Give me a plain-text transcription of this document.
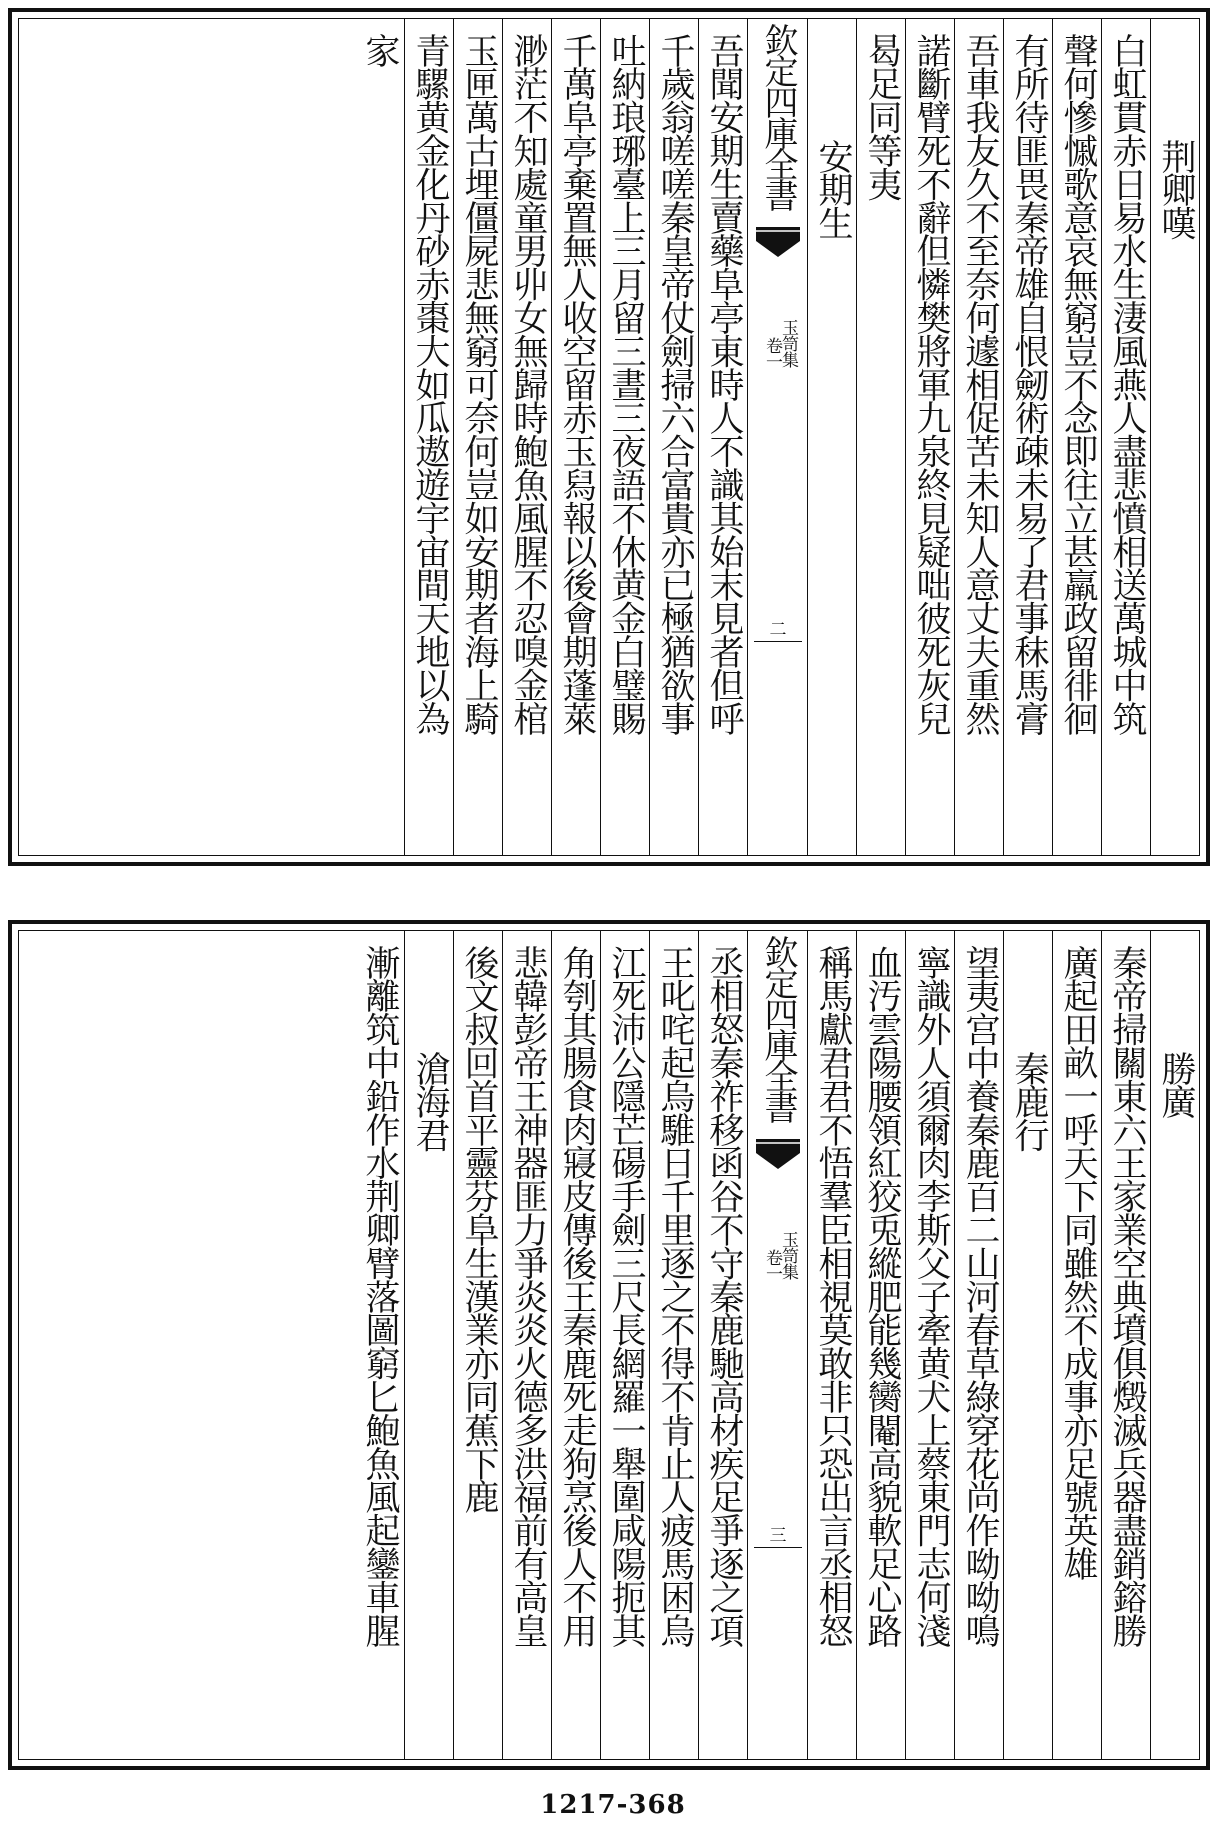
荆卿嘆
白虹貫赤日易水生淒風燕人盡悲憤相送萬城中筑
聲何慘慽歌意哀無窮豈不念即往立甚羸政留徘徊
有所待匪畏秦帝雄自恨劒術疎未易了君事秣馬膏
吾車我友久不至奈何遽相促苦未知人意丈夫重然
諾斷臂死不辭但憐樊將軍九泉終見疑咄彼死灰兒
曷足同等夷
安期生
欽定四庫全書
玉笥集
卷一
二
吾聞安期生賣藥阜亭東時人不識其始末見者但呼
千歲翁嗟嗟秦皇帝仗劍掃六合富貴亦已極猶欲事
吐納琅琊臺上三月留三晝三夜語不休黄金白璧賜
千萬阜亭棄置無人收空留赤玉舄報以後會期蓬萊
渺茫不知處童男丱女無歸時鮑魚風腥不忍嗅金棺
玉匣萬古埋僵屍悲無窮可奈何豈如安期者海上騎
青騾黄金化丹砂赤棗大如瓜遨遊宇宙間天地以為
家
勝廣
秦帝掃關東六王家業空典墳俱燬滅兵器盡銷鎔勝
廣起田畝一呼天下同雖然不成事亦足號英雄
秦鹿行
望夷宫中養秦鹿百二山河春草綠穿花尚作呦呦鳴
寧識外人須爾肉李斯父子牽黄犬上蔡東門志何淺
血汚雲陽腰領紅狡兎縱肥能幾臠閹高貌軟足心路
稱馬獻君君不悟羣臣相視莫敢非只恐出言丞相怒
欽定四庫全書
玉笥集
卷一
三
丞相怒秦祚移函谷不守秦鹿馳高材疾足爭逐之項
王叱咤起烏騅日千里逐之不得不肯止人疲馬困烏
江死沛公隱芒碭手劍三尺長網羅一舉圍咸陽扼其
角刳其腸食肉寢皮傳後王秦鹿死走狗烹後人不用
悲韓彭帝王神器匪力爭炎炎火德多洪福前有高皇
後文叔回首平靈芬阜生漢業亦同蕉下鹿
滄海君
漸離筑中鉛作水荆卿臂落圖窮匕鮑魚風起鑾車腥
1217-368
